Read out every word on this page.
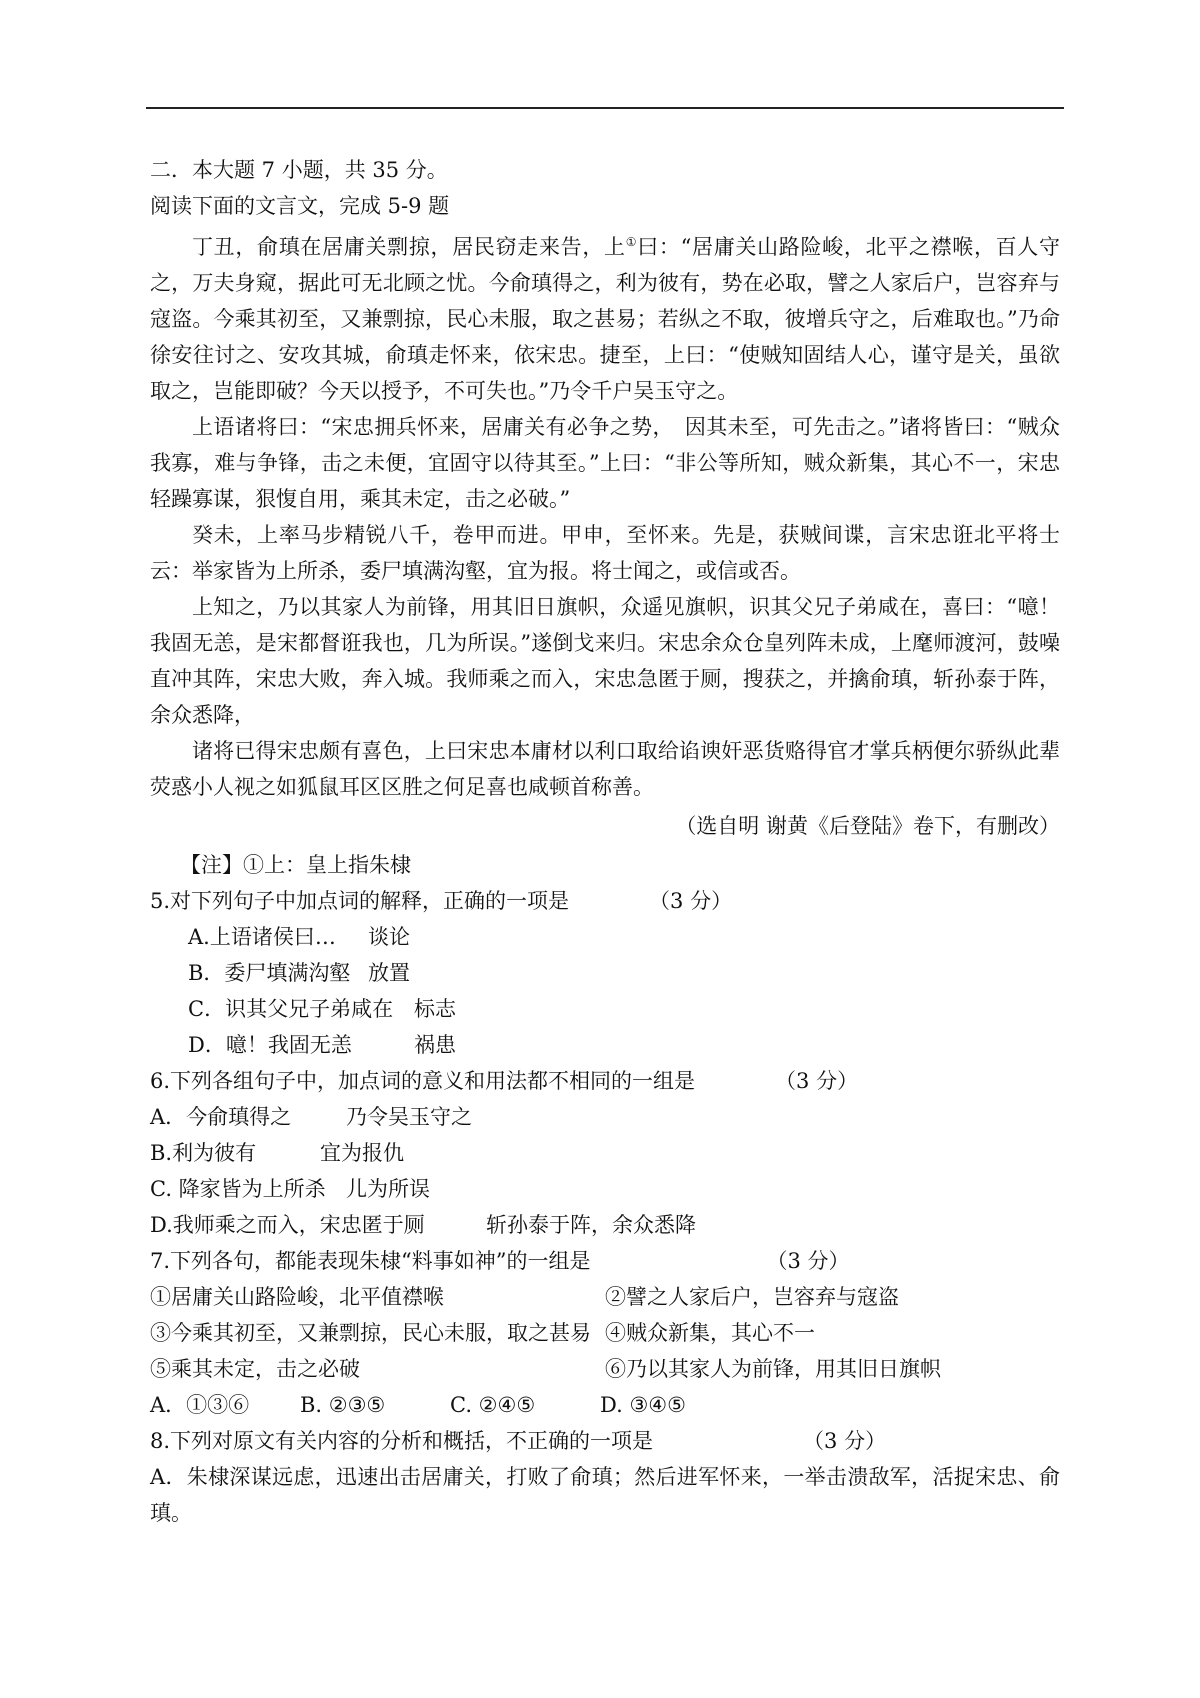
二．本大题 7 小题，共 35 分。
阅读下面的文言文，完成 5-9 题

丁丑，俞瑱在居庸关剽掠，居民窃走来告，上①曰：“居庸关山路险峻，北平之襟喉，百人守之，万夫身窥，据此可无北顾之忧。今俞瑱得之，利为彼有，势在必取，譬之人家后户，岂容弃与寇盗。今乘其初至，又兼剽掠，民心未服，取之甚易；若纵之不取，彼增兵守之，后难取也。”乃命徐安往讨之、安攻其城，俞瑱走怀来，依宋忠。捷至，上曰：“使贼知固结人心，谨守是关，虽欲取之，岂能即破？今天以授予，不可失也。”乃令千户吴玉守之。

上语诸将曰：“宋忠拥兵怀来，居庸关有必争之势，　因其未至，可先击之。”诸将皆曰：“贼众我寡，难与争锋，击之未便，宜固守以待其至。”上曰：“非公等所知，贼众新集，其心不一，宋忠轻躁寡谋，狠愎自用，乘其未定，击之必破。”

癸未，上率马步精锐八千，卷甲而进。甲申，至怀来。先是，获贼间谍，言宋忠诳北平将士云：举家皆为上所杀，委尸填满沟壑，宜为报。将士闻之，或信或否。

上知之，乃以其家人为前锋，用其旧日旗帜，众遥见旗帜，识其父兄子弟咸在，喜曰：“噫！我固无恙，是宋都督诳我也，几为所误。”遂倒戈来归。宋忠余众仓皇列阵未成，上麾师渡河，鼓噪直冲其阵，宋忠大败，奔入城。我师乘之而入，宋忠急匿于厕，搜获之，并擒俞瑱，斩孙泰于阵，余众悉降，

诸将已得宋忠颇有喜色，上曰宋忠本庸材以利口取给谄谀奸恶货赂得官才掌兵柄便尔骄纵此辈荧惑小人视之如狐鼠耳区区胜之何足喜也咸顿首称善。

（选自明 谢黄《后登陆》卷下，有删改）
【注】①上：皇上指朱棣
5.对下列句子中加点词的解释，正确的一项是	（3 分）
A.上语诸侯曰… 谈论
B．委尸填满沟壑 放置
C．识其父兄子弟咸在 标志
D．噫！我固无恙	祸患
6.下列各组句子中，加点词的意义和用法都不相同的一组是	（3 分）
A．今俞瑱得之	乃令吴玉守之
B.利为彼有	宜为报仇
C. 降家皆为上所杀 儿为所误
D.我师乘之而入，宋忠匿于厕	斩孙泰于阵，余众悉降
7.下列各句，都能表现朱棣“料事如神”的一组是	（3 分）
①居庸关山路险峻，北平值襟喉	②譬之人家后户，岂容弃与寇盗
③今乘其初至，又兼剽掠，民心未服，取之甚易 ④贼众新集，其心不一
⑤乘其未定，击之必破	⑥乃以其家人为前锋，用其旧日旗帜
A．①③⑥ B. ②③⑤	C. ②④⑤	D. ③④⑤
8.下列对原文有关内容的分析和概括，不正确的一项是	（3 分）

A．朱棣深谋远虑，迅速出击居庸关，打败了俞瑱；然后进军怀来，一举击溃敌军，活捉宋忠、俞瑱。
